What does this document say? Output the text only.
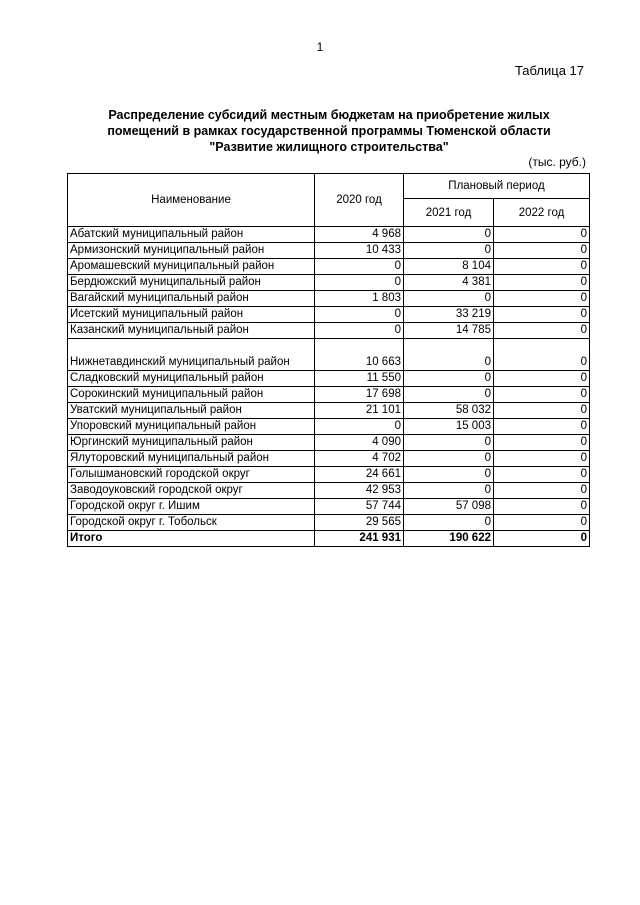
1
Таблица 17
Распределение субсидий местным бюджетам на приобретение жилых
помещений в рамках государственной программы Тюменской области
"Развитие жилищного строительства"
(тыс. руб.)
Наименование	2020 год	Плановый период	
		2021 год	2022 год
Абатский муниципальный район	4 968	0	0
Армизонский муниципальный район	10 433	0	0
Аромашевский муниципальный район	0	8 104	0
Бердюжский муниципальный район	0	4 381	0
Вагайский муниципальный район	1 803	0	0
Исетский муниципальный район	0	33 219	0
Казанский муниципальный район	0	14 785	0
Нижнетавдинский муниципальный район	10 663	0	0
Сладковский муниципальный район	11 550	0	0
Сорокинский муниципальный район	17 698	0	0
Уватский муниципальный район	21 101	58 032	0
Упоровский муниципальный район	0	15 003	0
Юргинский муниципальный район	4 090	0	0
Ялуторовский муниципальный район	4 702	0	0
Голышмановский городской округ	24 661	0	0
Заводоуковский городской округ	42 953	0	0
Городской округ г. Ишим	57 744	57 098	0
Городской округ г. Тобольск	29 565	0	0
Итого	241 931	190 622	0
